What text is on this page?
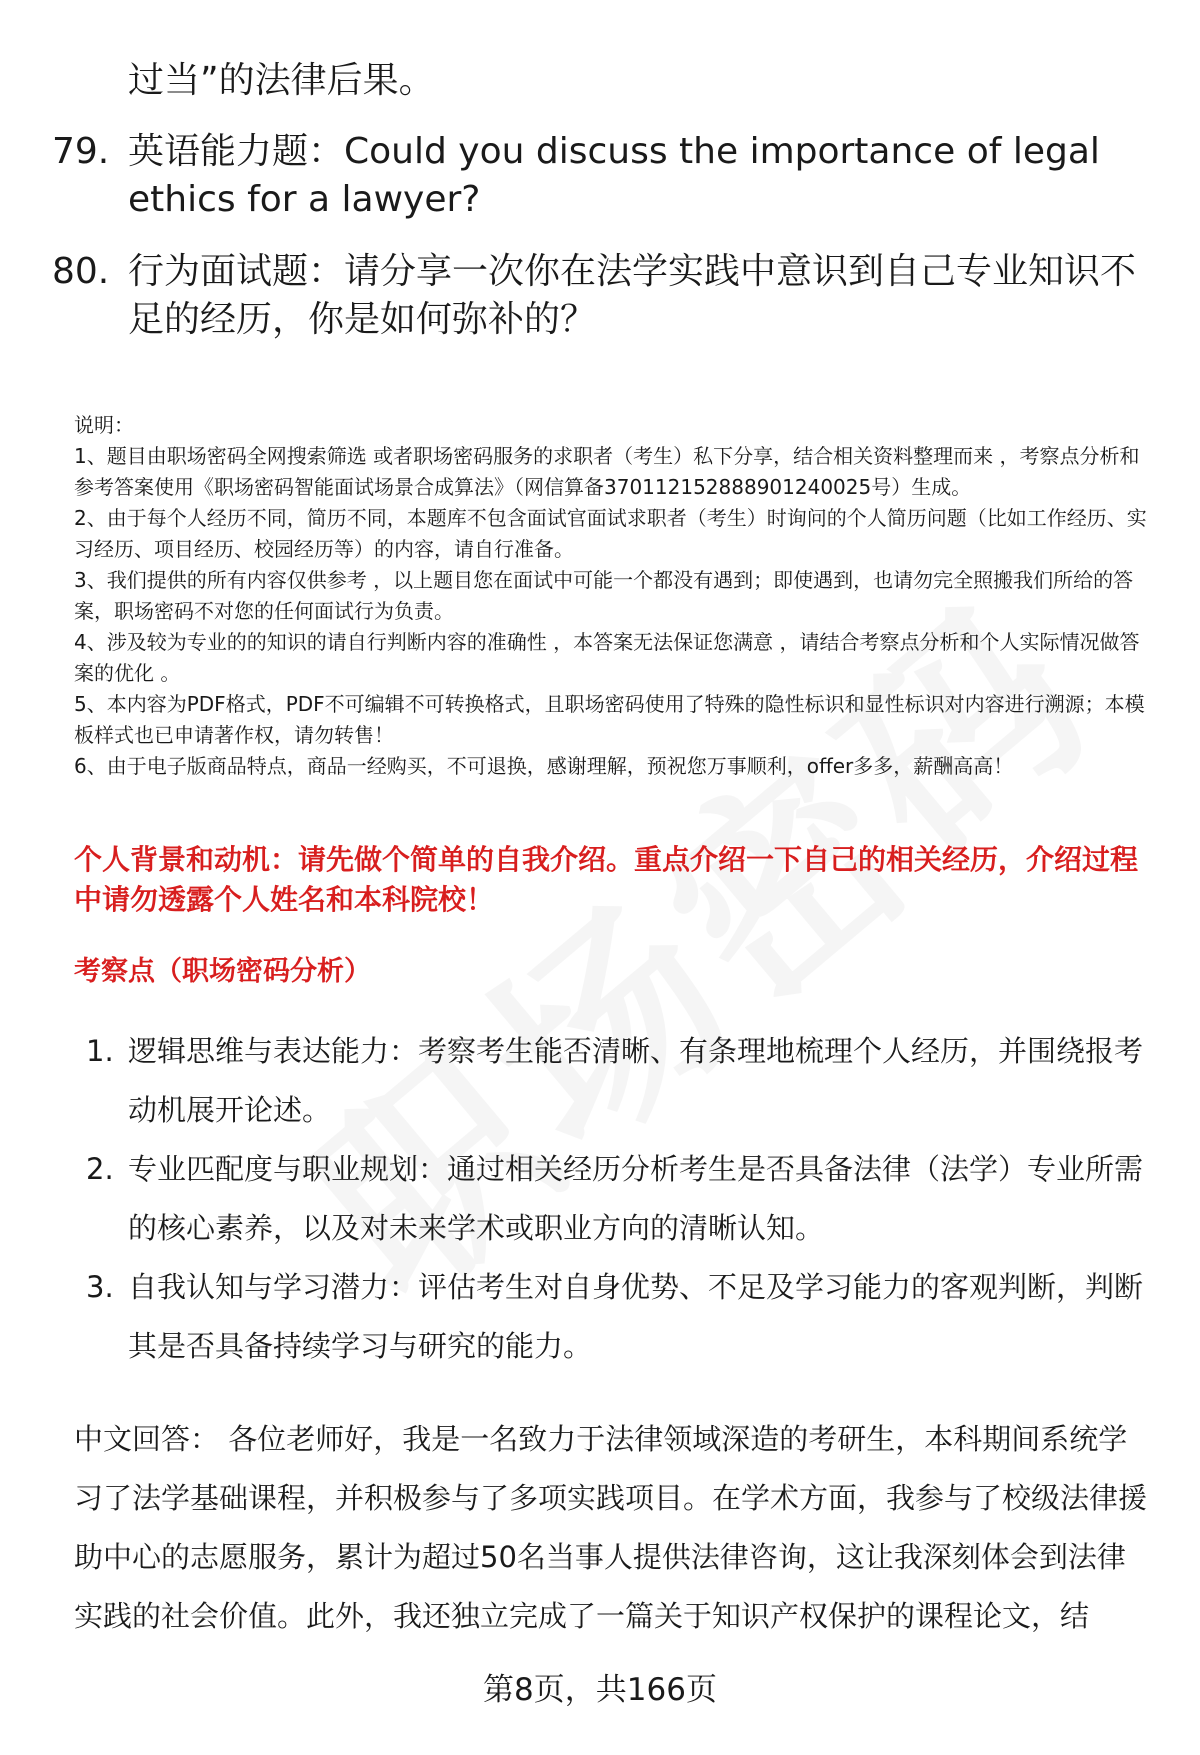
过当”的法律后果。

79. 英语能力题：Could you discuss the importance of legal ethics for a lawyer?
80. 行为面试题：请分享一次你在法学实践中意识到自己专业知识不足的经历，你是如何弥补的？

说明：

1、题目由职场密码全网搜索筛选 或者职场密码服务的求职者（考生）私下分享，结合相关资料整理而来 ，考察点分析和参考答案使用《职场密码智能面试场景合成算法》（网信算备370112152888901240025号）生成。

2、由于每个人经历不同，简历不同，本题库不包含面试官面试求职者（考生）时询问的个人简历问题（比如工作经历、实习经历、项目经历、校园经历等）的内容，请自行准备。

3、我们提供的所有内容仅供参考 ，以上题目您在面试中可能一个都没有遇到；即使遇到，也请勿完全照搬我们所给的答案，职场密码不对您的任何面试行为负责。

4、涉及较为专业的的知识的请自行判断内容的准确性 ，本答案无法保证您满意 ，请结合考察点分析和个人实际情况做答案的优化 。

5、本内容为PDF格式，PDF不可编辑不可转换格式，且职场密码使用了特殊的隐性标识和显性标识对内容进行溯源；本模板样式也已申请著作权，请勿转售！

6、由于电子版商品特点，商品一经购买，不可退换，感谢理解，预祝您万事顺利，offer多多，薪酬高高！

个人背景和动机：请先做个简单的自我介绍。重点介绍一下自己的相关经历，介绍过程中请勿透露个人姓名和本科院校！

考察点（职场密码分析）

1. 逻辑思维与表达能力：考察考生能否清晰、有条理地梳理个人经历，并围绕报考动机展开论述。
2. 专业匹配度与职业规划：通过相关经历分析考生是否具备法律（法学）专业所需的核心素养，以及对未来学术或职业方向的清晰认知。
3. 自我认知与学习潜力：评估考生对自身优势、不足及学习能力的客观判断，判断其是否具备持续学习与研究的能力。

中文回答： 各位老师好，我是一名致力于法律领域深造的考研生，本科期间系统学习了法学基础课程，并积极参与了多项实践项目。在学术方面，我参与了校级法律援助中心的志愿服务，累计为超过50名当事人提供法律咨询，这让我深刻体会到法律实践的社会价值。此外，我还独立完成了一篇关于知识产权保护的课程论文，结

第8页，共166页
